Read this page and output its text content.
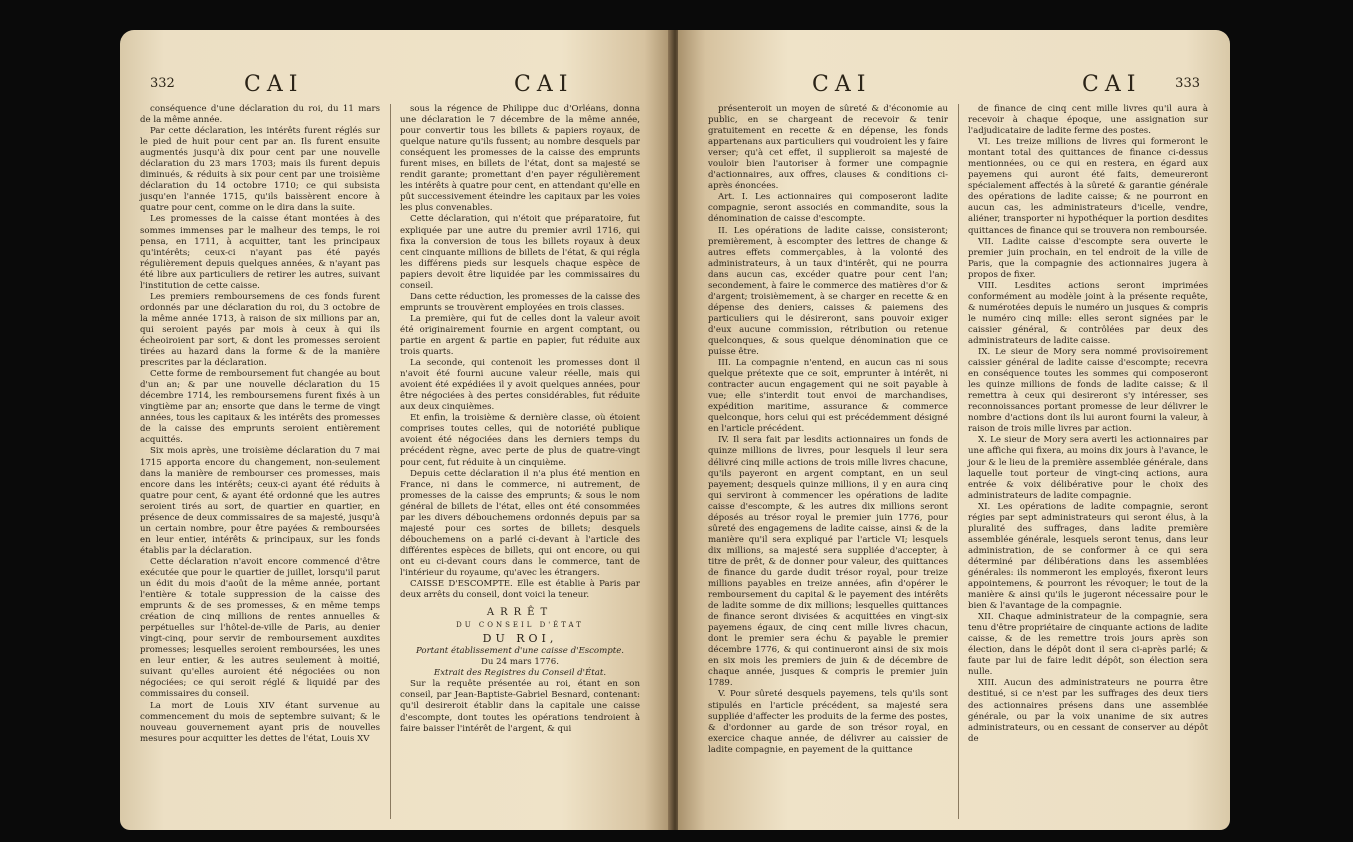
332	CAI	CAI

conséquence d'une déclaration du roi, du 11 mars de la même année.

Par cette déclaration, les intérêts furent réglés sur le pied de huit pour cent par an. Ils furent ensuite augmentés jusqu'à dix pour cent par une nouvelle déclaration du 23 mars 1703; mais ils furent depuis diminués, & réduits à six pour cent par une troisième déclaration du 14 octobre 1710; ce qui subsista jusqu'en l'année 1715, qu'ils baissèrent encore à quatre pour cent, comme on le dira dans la suite.

Les promesses de la caisse étant montées à des sommes immenses par le malheur des temps, le roi pensa, en 1711, à acquitter, tant les principaux qu'intérêts; ceux-ci n'ayant pas été payés régulièrement depuis quelques années, & n'ayant pas été libre aux particuliers de retirer les autres, suivant l'institution de cette caisse.

Les premiers remboursemens de ces fonds furent ordonnés par une déclaration du roi, du 3 octobre de la même année 1713, à raison de six millions par an, qui seroient payés par mois à ceux à qui ils écheoiroient par sort, & dont les promesses seroient tirées au hazard dans la forme & de la manière prescrites par la déclaration.

Cette forme de remboursement fut changée au bout d'un an; & par une nouvelle déclaration du 15 décembre 1714, les remboursemens furent fixés à un vingtième par an; ensorte que dans le terme de vingt années, tous les capitaux & les intérêts des promesses de la caisse des emprunts seroient entièrement acquittés.

Six mois après, une troisième déclaration du 7 mai 1715 apporta encore du changement, non-seulement dans la manière de rembourser ces promesses, mais encore dans les intérêts; ceux-ci ayant été réduits à quatre pour cent, & ayant été ordonné que les autres seroient tirés au sort, de quartier en quartier, en présence de deux commissaires de sa majesté, jusqu'à un certain nombre, pour être payées & remboursées en leur entier, intérêts & principaux, sur les fonds établis par la déclaration.

Cette déclaration n'avoit encore commencé d'être exécutée que pour le quartier de juillet, lorsqu'il parut un édit du mois d'août de la même année, portant l'entière & totale suppression de la caisse des emprunts & de ses promesses, & en même temps création de cinq millions de rentes annuelles & perpétuelles sur l'hôtel-de-ville de Paris, au denier vingt-cinq, pour servir de remboursement auxdites promesses; lesquelles seroient remboursées, les unes en leur entier, & les autres seulement à moitié, suivant qu'elles auroient été négociées ou non négociées; ce qui seroit réglé & liquidé par des commissaires du conseil.

La mort de Louis XIV étant survenue au commencement du mois de septembre suivant; & le nouveau gouvernement ayant pris de nouvelles mesures pour acquitter les dettes de l'état, Louis XV

sous la régence de Philippe duc d'Orléans, donna une déclaration le 7 décembre de la même année, pour convertir tous les billets & papiers royaux, de quelque nature qu'ils fussent; au nombre desquels par conséquent les promesses de la caisse des emprunts furent mises, en billets de l'état, dont sa majesté se rendit garante; promettant d'en payer régulièrement les intérêts à quatre pour cent, en attendant qu'elle en pût successivement éteindre les capitaux par les voies les plus convenables.

Cette déclaration, qui n'étoit que préparatoire, fut expliquée par une autre du premier avril 1716, qui fixa la conversion de tous les billets royaux à deux cent cinquante millions de billets de l'état, & qui régla les différens pieds sur lesquels chaque espèce de papiers devoit être liquidée par les commissaires du conseil.

Dans cette réduction, les promesses de la caisse des emprunts se trouvèrent employées en trois classes.

La première, qui fut de celles dont la valeur avoit été originairement fournie en argent comptant, ou partie en argent & partie en papier, fut réduite aux trois quarts.

La seconde, qui contenoit les promesses dont il n'avoit été fourni aucune valeur réelle, mais qui avoient été expédiées il y avoit quelques années, pour être négociées à des pertes considérables, fut réduite aux deux cinquièmes.

Et enfin, la troisième & dernière classe, où étoient comprises toutes celles, qui de notoriété publique avoient été négociées dans les derniers temps du précédent règne, avec perte de plus de quatre-vingt pour cent, fut réduite à un cinquième.

Depuis cette déclaration il n'a plus été mention en France, ni dans le commerce, ni autrement, de promesses de la caisse des emprunts; & sous le nom général de billets de l'état, elles ont été consommées par les divers débouchemens ordonnés depuis par sa majesté pour ces sortes de billets; desquels débouchemens on a parlé ci-devant à l'article des différentes espèces de billets, qui ont encore, ou qui ont eu ci-devant cours dans le commerce, tant de l'intérieur du royaume, qu'avec les étrangers.

CAISSE D'ESCOMPTE. Elle est établie à Paris par deux arrêts du conseil, dont voici la teneur.

ARRÊT

DU CONSEIL D'ÉTAT

DU ROI,

Portant établissement d'une caisse d'Escompte.

Du 24 mars 1776.

Extrait des Registres du Conseil d'État.

Sur la requête présentée au roi, étant en son conseil, par Jean-Baptiste-Gabriel Besnard, contenant: qu'il desireroit établir dans la capitale une caisse d'escompte, dont toutes les opérations tendroient à faire baisser l'intérêt de l'argent, & qui

CAI	CAI	333

présenteroit un moyen de sûreté & d'économie au public, en se chargeant de recevoir & tenir gratuitement en recette & en dépense, les fonds appartenans aux particuliers qui voudroient les y faire verser; qu'à cet effet, il supplieroit sa majesté de vouloir bien l'autoriser à former une compagnie d'actionnaires, aux offres, clauses & conditions ci-après énoncées.

Art. I. Les actionnaires qui composeront ladite compagnie, seront associés en commandite, sous la dénomination de caisse d'escompte.

II. Les opérations de ladite caisse, consisteront; premièrement, à escompter des lettres de change & autres effets commerçables, à la volonté des administrateurs, à un taux d'intérêt, qui ne pourra dans aucun cas, excéder quatre pour cent l'an; secondement, à faire le commerce des matières d'or & d'argent; troisièmement, à se charger en recette & en dépense des deniers, caisses & paiemens des particuliers qui le désireront, sans pouvoir exiger d'eux aucune commission, rétribution ou retenue quelconques, & sous quelque dénomination que ce puisse être.

III. La compagnie n'entend, en aucun cas ni sous quelque prétexte que ce soit, emprunter à intérêt, ni contracter aucun engagement qui ne soit payable à vue; elle s'interdit tout envoi de marchandises, expédition maritime, assurance & commerce quelconque, hors celui qui est précédemment désigné en l'article précédent.

IV. Il sera fait par lesdits actionnaires un fonds de quinze millions de livres, pour lesquels il leur sera délivré cinq mille actions de trois mille livres chacune, qu'ils payeront en argent comptant, en un seul payement; desquels quinze millions, il y en aura cinq qui serviront à commencer les opérations de ladite caisse d'escompte, & les autres dix millions seront déposés au trésor royal le premier juin 1776, pour sûreté des engagemens de ladite caisse, ainsi & de la manière qu'il sera expliqué par l'article VI; lesquels dix millions, sa majesté sera suppliée d'accepter, à titre de prêt, & de donner pour valeur, des quittances de finance du garde dudit trésor royal, pour treize millions payables en treize années, afin d'opérer le remboursement du capital & le payement des intérêts de ladite somme de dix millions; lesquelles quittances de finance seront divisées & acquittées en vingt-six payemens égaux, de cinq cent mille livres chacun, dont le premier sera échu & payable le premier décembre 1776, & qui continueront ainsi de six mois en six mois les premiers de juin & de décembre de chaque année, jusques & compris le premier juin 1789.

V. Pour sûreté desquels payemens, tels qu'ils sont stipulés en l'article précédent, sa majesté sera suppliée d'affecter les produits de la ferme des postes, & d'ordonner au garde de son trésor royal, en exercice chaque année, de délivrer au caissier de ladite compagnie, en payement de la quittance

de finance de cinq cent mille livres qu'il aura à recevoir à chaque époque, une assignation sur l'adjudicataire de ladite ferme des postes.

VI. Les treize millions de livres qui formeront le montant total des quittances de finance ci-dessus mentionnées, ou ce qui en restera, en égard aux payemens qui auront été faits, demeureront spécialement affectés à la sûreté & garantie générale des opérations de ladite caisse; & ne pourront en aucun cas, les administrateurs d'icelle, vendre, aliéner, transporter ni hypothéquer la portion desdites quittances de finance qui se trouvera non remboursée.

VII. Ladite caisse d'escompte sera ouverte le premier juin prochain, en tel endroit de la ville de Paris, que la compagnie des actionnaires jugera à propos de fixer.

VIII. Lesdites actions seront imprimées conformément au modèle joint à la présente requête, & numérotées depuis le numéro un jusques & compris le numéro cinq mille: elles seront signées par le caissier général, & contrôlées par deux des administrateurs de ladite caisse.

IX. Le sieur de Mory sera nommé provisoirement caissier général de ladite caisse d'escompte; recevra en conséquence toutes les sommes qui composeront les quinze millions de fonds de ladite caisse; & il remettra à ceux qui desireront s'y intéresser, ses reconnoissances portant promesse de leur délivrer le nombre d'actions dont ils lui auront fourni la valeur, à raison de trois mille livres par action.

X. Le sieur de Mory sera averti les actionnaires par une affiche qui fixera, au moins dix jours à l'avance, le jour & le lieu de la première assemblée générale, dans laquelle tout porteur de vingt-cinq actions, aura entrée & voix délibérative pour le choix des administrateurs de ladite compagnie.

XI. Les opérations de ladite compagnie, seront régies par sept administrateurs qui seront élus, à la pluralité des suffrages, dans ladite première assemblée générale, lesquels seront tenus, dans leur administration, de se conformer à ce qui sera déterminé par délibérations dans les assemblées générales: ils nommeront les employés, fixeront leurs appointemens, & pourront les révoquer; le tout de la manière & ainsi qu'ils le jugeront nécessaire pour le bien & l'avantage de la compagnie.

XII. Chaque administrateur de la compagnie, sera tenu d'être propriétaire de cinquante actions de ladite caisse, & de les remettre trois jours après son élection, dans le dépôt dont il sera ci-après parlé; & faute par lui de faire ledit dépôt, son élection sera nulle.

XIII. Aucun des administrateurs ne pourra être destitué, si ce n'est par les suffrages des deux tiers des actionnaires présens dans une assemblée générale, ou par la voix unanime de six autres administrateurs, ou en cessant de conserver au dépôt de
